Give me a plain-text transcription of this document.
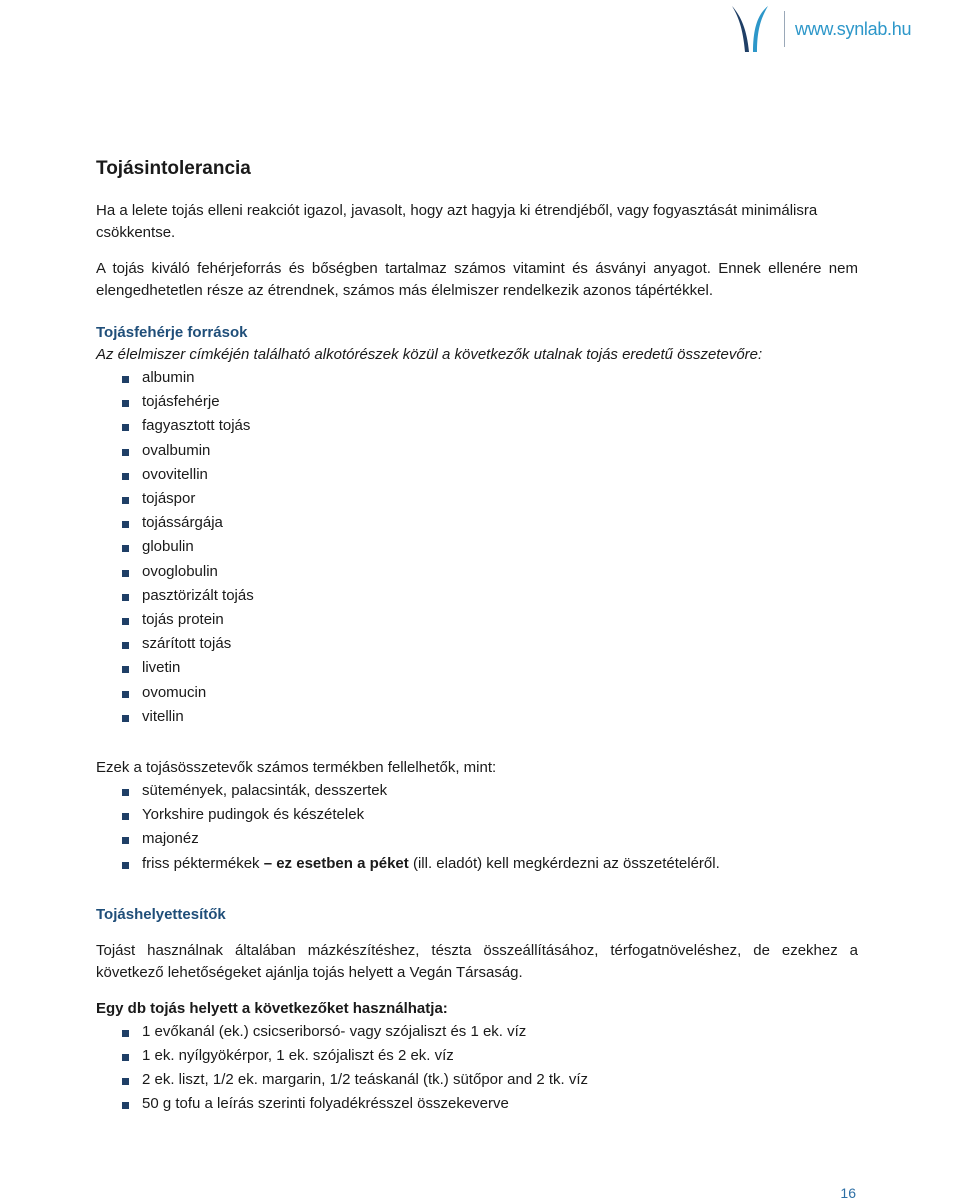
www.synlab.hu
Tojásintolerancia

Ha a lelete tojás elleni reakciót igazol, javasolt, hogy azt hagyja ki étrendjéből, vagy fogyasztását minimálisra csökkentse.

A tojás kiváló fehérjeforrás és bőségben tartalmaz számos vitamint és ásványi anyagot. Ennek ellenére nem elengedhetetlen része az étrendnek, számos más élelmiszer rendelkezik azonos tápértékkel.

Tojásfehérje források

Az élelmiszer címkéjén található alkotórészek közül a következők utalnak tojás eredetű összetevőre:

albumin
tojásfehérje
fagyasztott tojás
ovalbumin
ovovitellin
tojáspor
tojássárgája
globulin
ovoglobulin
pasztörizált tojás
tojás protein
szárított tojás
livetin
ovomucin
vitellin

Ezek a tojásösszetevők számos termékben fellelhetők, mint:

sütemények, palacsinták, desszertek
Yorkshire pudingok és készételek
majonéz
friss péktermékek – ez esetben a péket (ill. eladót) kell megkérdezni az összetételéről.

Tojáshelyettesítők

Tojást használnak általában mázkészítéshez, tészta összeállításához, térfogatnöveléshez, de ezekhez a következő lehetőségeket ajánlja tojás helyett a Vegán Társaság.

Egy db tojás helyett a következőket használhatja:

1 evőkanál (ek.) csicseriborsó- vagy szójaliszt és 1 ek. víz
1 ek. nyílgyökérpor, 1 ek. szójaliszt és 2 ek. víz
2 ek. liszt, 1/2 ek. margarin, 1/2 teáskanál (tk.) sütőpor and 2 tk. víz
50 g tofu a leírás szerinti folyadékrésszel összekeverve
16
